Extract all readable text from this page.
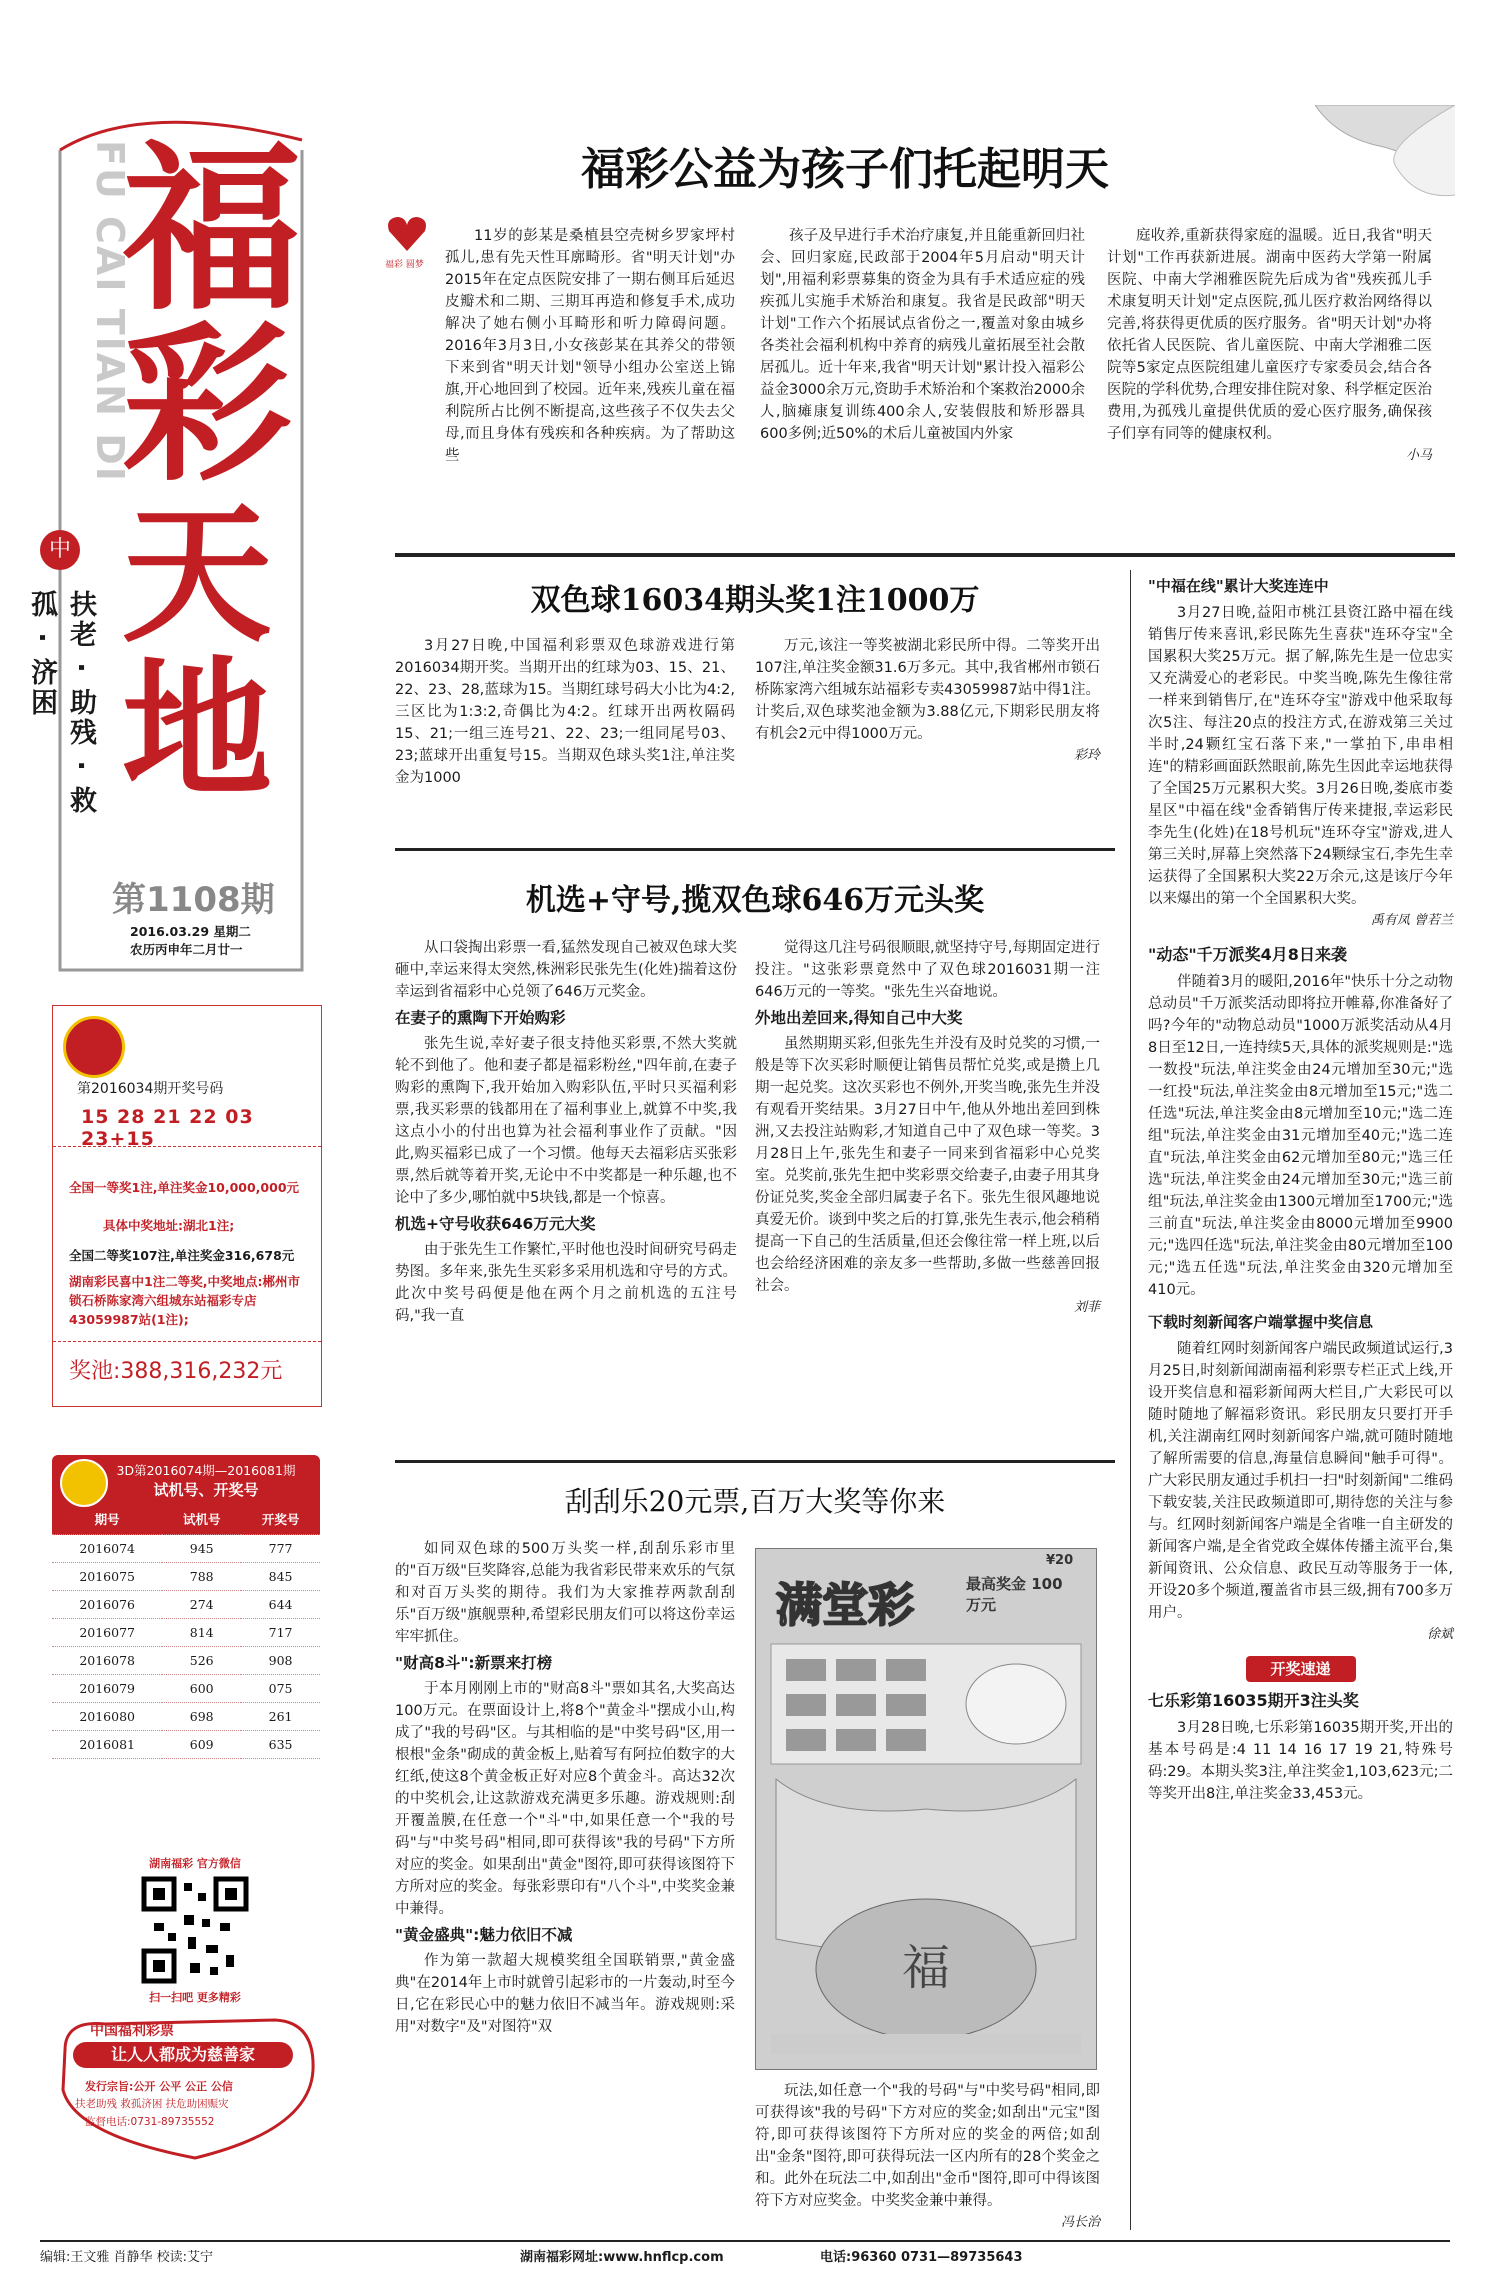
FU CAI TIAN DI
福
彩
天
地
中
扶老 · 助残 · 救孤 · 济困
第1108期
2016.03.29 星期二
农历丙申年二月廿一
第2016034期开奖号码
15 28 21 22 03 23+15
全国一等奖1注,单注奖金10,000,000元
具体中奖地址:湖北1注;
全国二等奖107注,单注奖金316,678元
湖南彩民喜中1注二等奖,中奖地点:郴州市锁石桥陈家湾六组城东站福彩专店43059987站(1注);
奖池:388,316,232元
3D第2016074期—2016081期
试机号、开奖号
期号	试机号	开奖号
2016074	945	777
2016075	788	845
2016076	274	644
2016077	814	717
2016078	526	908
2016079	600	075
2016080	698	261
2016081	609	635
湖南福彩 官方微信
扫一扫吧 更多精彩
中国福利彩票
让人人都成为慈善家
发行宗旨:公开 公平 公正 公信
扶老助残 救孤济困 扶危助困赈灾
监督电话:0731-89735552
福彩公益为孩子们托起明天
福彩 圆梦

11岁的彭某是桑植县空壳树乡罗家坪村孤儿,患有先天性耳廓畸形。省"明天计划"办2015年在定点医院安排了一期右侧耳后延迟皮瓣术和二期、三期耳再造和修复手术,成功解决了她右侧小耳畸形和听力障碍问题。2016年3月3日,小女孩彭某在其养父的带领下来到省"明天计划"领导小组办公室送上锦旗,开心地回到了校园。近年来,残疾儿童在福利院所占比例不断提高,这些孩子不仅失去父母,而且身体有残疾和各种疾病。为了帮助这些

孩子及早进行手术治疗康复,并且能重新回归社会、回归家庭,民政部于2004年5月启动"明天计划",用福利彩票募集的资金为具有手术适应症的残疾孤儿实施手术矫治和康复。我省是民政部"明天计划"工作六个拓展试点省份之一,覆盖对象由城乡各类社会福利机构中养育的病残儿童拓展至社会散居孤儿。近十年来,我省"明天计划"累计投入福彩公益金3000余万元,资助手术矫治和个案救治2000余人,脑瘫康复训练400余人,安装假肢和矫形器具600多例;近50%的术后儿童被国内外家

庭收养,重新获得家庭的温暖。近日,我省"明天计划"工作再获新进展。湖南中医药大学第一附属医院、中南大学湘雅医院先后成为省"残疾孤儿手术康复明天计划"定点医院,孤儿医疗救治网络得以完善,将获得更优质的医疗服务。省"明天计划"办将依托省人民医院、省儿童医院、中南大学湘雅二医院等5家定点医院组建儿童医疗专家委员会,结合各医院的学科优势,合理安排住院对象、科学框定医治费用,为孤残儿童提供优质的爱心医疗服务,确保孩子们享有同等的健康权利。

小马
双色球16034期头奖1注1000万

3月27日晚,中国福利彩票双色球游戏进行第2016034期开奖。当期开出的红球为03、15、21、22、23、28,蓝球为15。当期红球号码大小比为4:2,三区比为1:3:2,奇偶比为4:2。红球开出两枚隔码15、21;一组三连号21、22、23;一组同尾号03、23;蓝球开出重复号15。当期双色球头奖1注,单注奖金为1000

万元,该注一等奖被湖北彩民所中得。二等奖开出107注,单注奖金额31.6万多元。其中,我省郴州市锁石桥陈家湾六组城东站福彩专卖43059987站中得1注。计奖后,双色球奖池金额为3.88亿元,下期彩民朋友将有机会2元中得1000万元。

彩玲
机选+守号,揽双色球646万元头奖

从口袋掏出彩票一看,猛然发现自己被双色球大奖砸中,幸运来得太突然,株洲彩民张先生(化姓)揣着这份幸运到省福彩中心兑领了646万元奖金。

在妻子的熏陶下开始购彩

张先生说,幸好妻子很支持他买彩票,不然大奖就轮不到他了。他和妻子都是福彩粉丝,"四年前,在妻子购彩的熏陶下,我开始加入购彩队伍,平时只买福利彩票,我买彩票的钱都用在了福利事业上,就算不中奖,我这点小小的付出也算为社会福利事业作了贡献。"因此,购买福彩已成了一个习惯。他每天去福彩店买张彩票,然后就等着开奖,无论中不中奖都是一种乐趣,也不论中了多少,哪怕就中5块钱,都是一个惊喜。

机选+守号收获646万元大奖

由于张先生工作繁忙,平时他也没时间研究号码走势图。多年来,张先生买彩多采用机选和守号的方式。此次中奖号码便是他在两个月之前机选的五注号码,"我一直

觉得这几注号码很顺眼,就坚持守号,每期固定进行投注。"这张彩票竟然中了双色球2016031期一注646万元的一等奖。"张先生兴奋地说。

外地出差回来,得知自己中大奖

虽然期期买彩,但张先生并没有及时兑奖的习惯,一般是等下次买彩时顺便让销售员帮忙兑奖,或是攒上几期一起兑奖。这次买彩也不例外,开奖当晚,张先生并没有观看开奖结果。3月27日中午,他从外地出差回到株洲,又去投注站购彩,才知道自己中了双色球一等奖。3月28日上午,张先生和妻子一同来到省福彩中心兑奖室。兑奖前,张先生把中奖彩票交给妻子,由妻子用其身份证兑奖,奖金全部归属妻子名下。张先生很风趣地说真爱无价。谈到中奖之后的打算,张先生表示,他会稍稍提高一下自己的生活质量,但还会像往常一样上班,以后也会给经济困难的亲友多一些帮助,多做一些慈善回报社会。

刘菲
刮刮乐20元票,百万大奖等你来

如同双色球的500万头奖一样,刮刮乐彩市里的"百万级"巨奖降容,总能为我省彩民带来欢乐的气氛和对百万头奖的期待。我们为大家推荐两款刮刮乐"百万级"旗舰票种,希望彩民朋友们可以将这份幸运牢牢抓住。

"财高8斗":新票来打榜

于本月刚刚上市的"财高8斗"票如其名,大奖高达100万元。在票面设计上,将8个"黄金斗"摆成小山,构成了"我的号码"区。与其相临的是"中奖号码"区,用一根根"金条"砌成的黄金板上,贴着写有阿拉伯数字的大红纸,使这8个黄金板正好对应8个黄金斗。高达32次的中奖机会,让这款游戏充满更多乐趣。游戏规则:刮开覆盖膜,在任意一个"斗"中,如果任意一个"我的号码"与"中奖号码"相同,即可获得该"我的号码"下方所对应的奖金。如果刮出"黄金"图符,即可获得该图符下方所对应的奖金。每张彩票印有"八个斗",中奖奖金兼中兼得。

"黄金盛典":魅力依旧不减

作为第一款超大规模奖组全国联销票,"黄金盛典"在2014年上市时就曾引起彩市的一片轰动,时至今日,它在彩民心中的魅力依旧不减当年。游戏规则:采用"对数字"及"对图符"双

满堂彩	最高奖金 100万元
¥20
福

玩法,如任意一个"我的号码"与"中奖号码"相同,即可获得该"我的号码"下方对应的奖金;如刮出"元宝"图符,即可获得该图符下方所对应的奖金的两倍;如刮出"金条"图符,即可获得玩法一区内所有的28个奖金之和。此外在玩法二中,如刮出"金币"图符,即可中得该图符下方对应奖金。中奖奖金兼中兼得。

冯长治
"中福在线"累计大奖连连中

3月27日晚,益阳市桃江县资江路中福在线销售厅传来喜讯,彩民陈先生喜获"连环夺宝"全国累积大奖25万元。据了解,陈先生是一位忠实又充满爱心的老彩民。中奖当晚,陈先生像往常一样来到销售厅,在"连环夺宝"游戏中他采取每次5注、每注20点的投注方式,在游戏第三关过半时,24颗红宝石落下来,"一掌拍下,串串相连"的精彩画面跃然眼前,陈先生因此幸运地获得了全国25万元累积大奖。3月26日晚,娄底市娄星区"中福在线"金香销售厅传来捷报,幸运彩民李先生(化姓)在18号机玩"连环夺宝"游戏,进人第三关时,屏幕上突然落下24颗绿宝石,李先生幸运获得了全国累积大奖22万余元,这是该厅今年以来爆出的第一个全国累积大奖。

禹有凤 曾若兰
"动态"千万派奖4月8日来袭

伴随着3月的暖阳,2016年"快乐十分之动物总动员"千万派奖活动即将拉开帷幕,你准备好了吗?今年的"动物总动员"1000万派奖活动从4月8日至12日,一连持续5天,具体的派奖规则是:"选一数投"玩法,单注奖金由24元增加至30元;"选一红投"玩法,单注奖金由8元增加至15元;"选二任选"玩法,单注奖金由8元增加至10元;"选二连组"玩法,单注奖金由31元增加至40元;"选二连直"玩法,单注奖金由62元增加至80元;"选三任选"玩法,单注奖金由24元增加至30元;"选三前组"玩法,单注奖金由1300元增加至1700元;"选三前直"玩法,单注奖金由8000元增加至9900元;"选四任选"玩法,单注奖金由80元增加至100元;"选五任选"玩法,单注奖金由320元增加至410元。

下载时刻新闻客户端掌握中奖信息

随着红网时刻新闻客户端民政频道试运行,3月25日,时刻新闻湖南福利彩票专栏正式上线,开设开奖信息和福彩新闻两大栏目,广大彩民可以随时随地了解福彩资讯。彩民朋友只要打开手机,关注湖南红网时刻新闻客户端,就可随时随地了解所需要的信息,海量信息瞬间"触手可得"。广大彩民朋友通过手机扫一扫"时刻新闻"二维码下载安装,关注民政频道即可,期待您的关注与参与。红网时刻新闻客户端是全省唯一自主研发的新闻客户端,是全省党政全媒体传播主流平台,集新闻资讯、公众信息、政民互动等服务于一体,开设20多个频道,覆盖省市县三级,拥有700多万用户。

徐斌
开奖速递
七乐彩第16035期开3注头奖

3月28日晚,七乐彩第16035期开奖,开出的基本号码是:4 11 14 16 17 19 21,特殊号码:29。本期头奖3注,单注奖金1,103,623元;二等奖开出8注,单注奖金33,453元。

编辑:王文雅 肖静华 校读:艾宁	湖南福彩网址:www.hnflcp.com	电话:96360 0731—89735643
